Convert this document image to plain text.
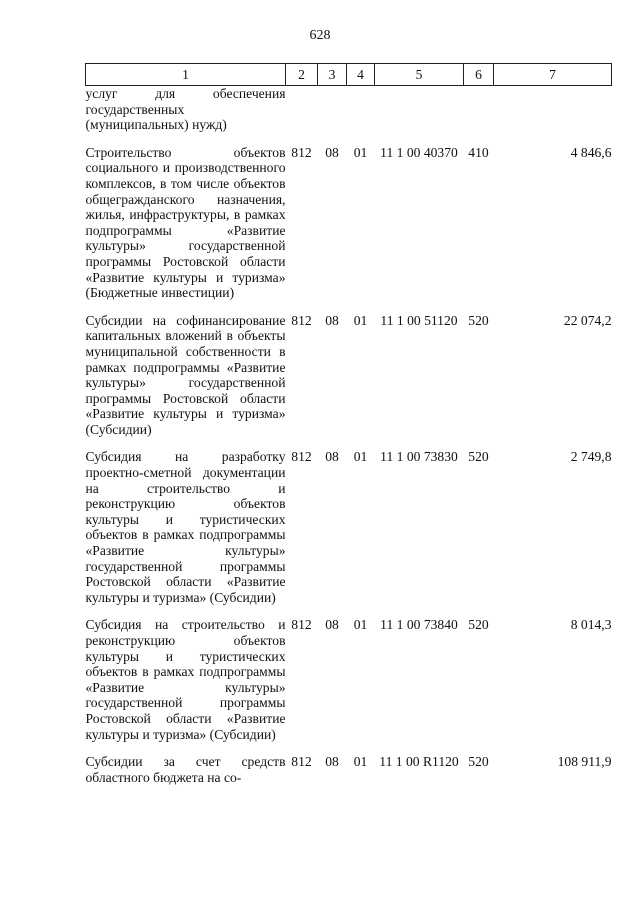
628
1	2	3	4	5	6	7
услуг для обеспечения государственных (муниципальных) нужд)						
Строительство объектов социального и производственного комплексов, в том числе объектов общегражданского назначения, жилья, инфраструктуры, в рамках подпрограммы «Развитие культуры» государственной программы Ростовской области «Развитие культуры и туризма» (Бюджетные инвестиции)	812	08	01	11 1 00 40370	410	4 846,6
Субсидии на софинансирование капитальных вложений в объекты муниципальной собственности в рамках подпрограммы «Развитие культуры» государственной программы Ростовской области «Развитие культуры и туризма» (Субсидии)	812	08	01	11 1 00 51120	520	22 074,2
Субсидия на разработку проектно-сметной документации на строительство и реконструкцию объектов культуры и туристических объектов в рамках подпрограммы «Развитие культуры» государственной программы Ростовской области «Развитие культуры и туризма» (Субсидии)	812	08	01	11 1 00 73830	520	2 749,8
Субсидия на строительство и реконструкцию объектов культуры и туристических объектов в рамках подпрограммы «Развитие культуры» государственной программы Ростовской области «Развитие культуры и туризма» (Субсидии)	812	08	01	11 1 00 73840	520	8 014,3
Субсидии за счет средств областного бюджета на со-	812	08	01	11 1 00 R1120	520	108 911,9
